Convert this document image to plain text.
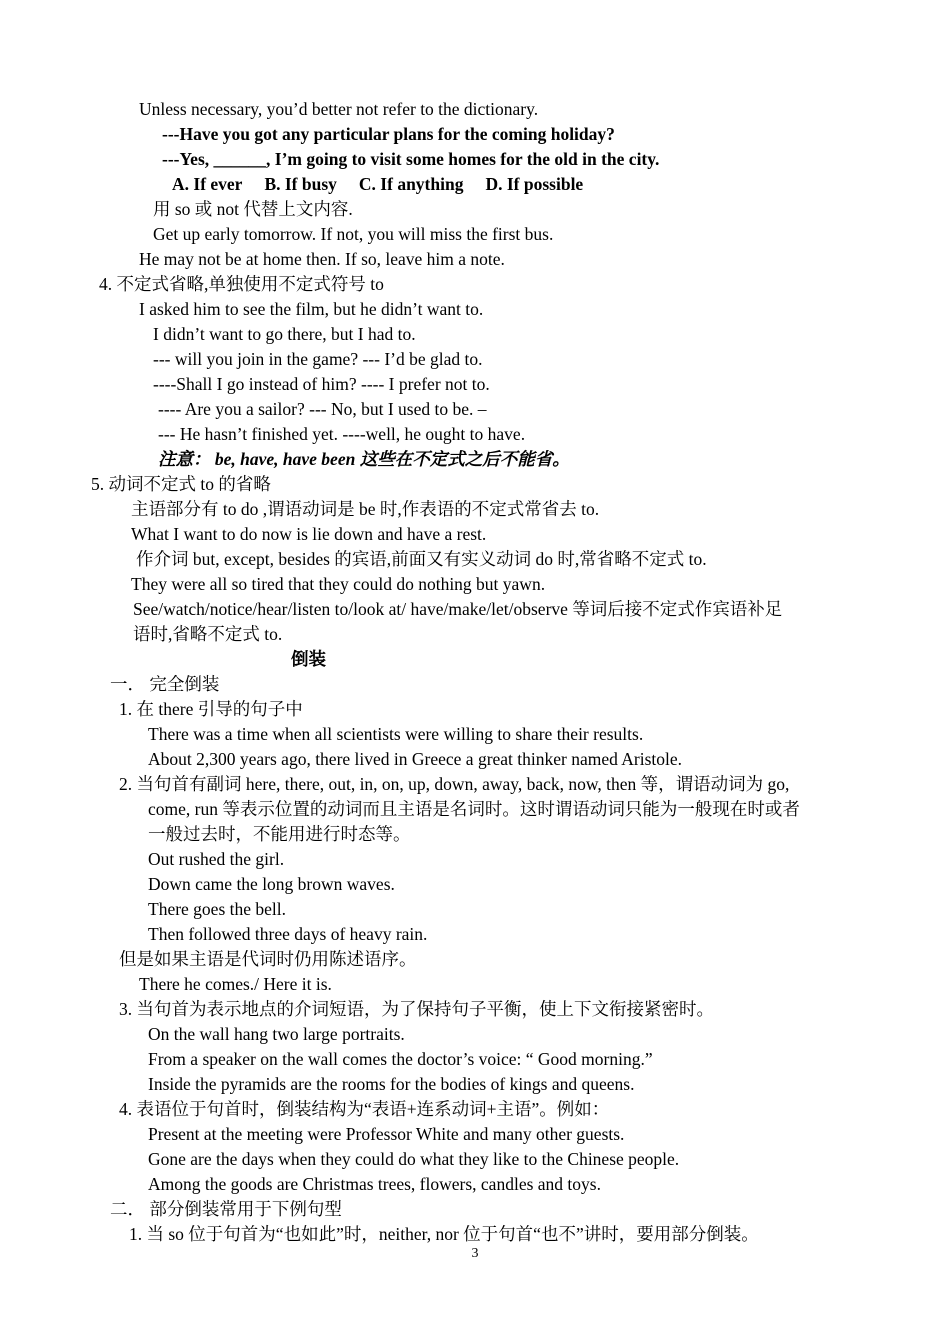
Unless necessary, you’d better not refer to the dictionary.
---Have you got any particular plans for the coming holiday?
---Yes, ______, I’m going to visit some homes for the old in the city.
A. If ever B. If busy C. If anything D. If possible
用 so 或 not 代替上文内容.
Get up early tomorrow. If not, you will miss the first bus.
He may not be at home then. If so, leave him a note.
4. 不定式省略,单独使用不定式符号 to
I asked him to see the film, but he didn’t want to.
I didn’t want to go there, but I had to.
--- will you join in the game? --- I’d be glad to.
----Shall I go instead of him? ---- I prefer not to.
---- Are you a sailor? --- No, but I used to be. –
--- He hasn’t finished yet. ----well, he ought to have.
注意： be, have, have been 这些在不定式之后不能省。
5. 动词不定式 to 的省略
主语部分有 to do ,谓语动词是 be 时,作表语的不定式常省去 to.
What I want to do now is lie down and have a rest.
作介词 but, except, besides 的宾语,前面又有实义动词 do 时,常省略不定式 to.
They were all so tired that they could do nothing but yawn.
See/watch/notice/hear/listen to/look at/ have/make/let/observe 等词后接不定式作宾语补足
语时,省略不定式 to.
倒装
一． 完全倒装
1. 在 there 引导的句子中
There was a time when all scientists were willing to share their results.
About 2,300 years ago, there lived in Greece a great thinker named Aristole.
2. 当句首有副词 here, there, out, in, on, up, down, away, back, now, then 等，谓语动词为 go,
come, run 等表示位置的动词而且主语是名词时。这时谓语动词只能为一般现在时或者
一般过去时，不能用进行时态等。
Out rushed the girl.
Down came the long brown waves.
There goes the bell.
Then followed three days of heavy rain.
但是如果主语是代词时仍用陈述语序。
There he comes./ Here it is.
3. 当句首为表示地点的介词短语，为了保持句子平衡，使上下文衔接紧密时。
On the wall hang two large portraits.
From a speaker on the wall comes the doctor’s voice: “ Good morning.”
Inside the pyramids are the rooms for the bodies of kings and queens.
4. 表语位于句首时，倒装结构为“表语+连系动词+主语”。例如：
Present at the meeting were Professor White and many other guests.
Gone are the days when they could do what they like to the Chinese people.
Among the goods are Christmas trees, flowers, candles and toys.
二． 部分倒装常用于下例句型
1. 当 so 位于句首为“也如此”时，neither, nor 位于句首“也不”讲时，要用部分倒装。
3
